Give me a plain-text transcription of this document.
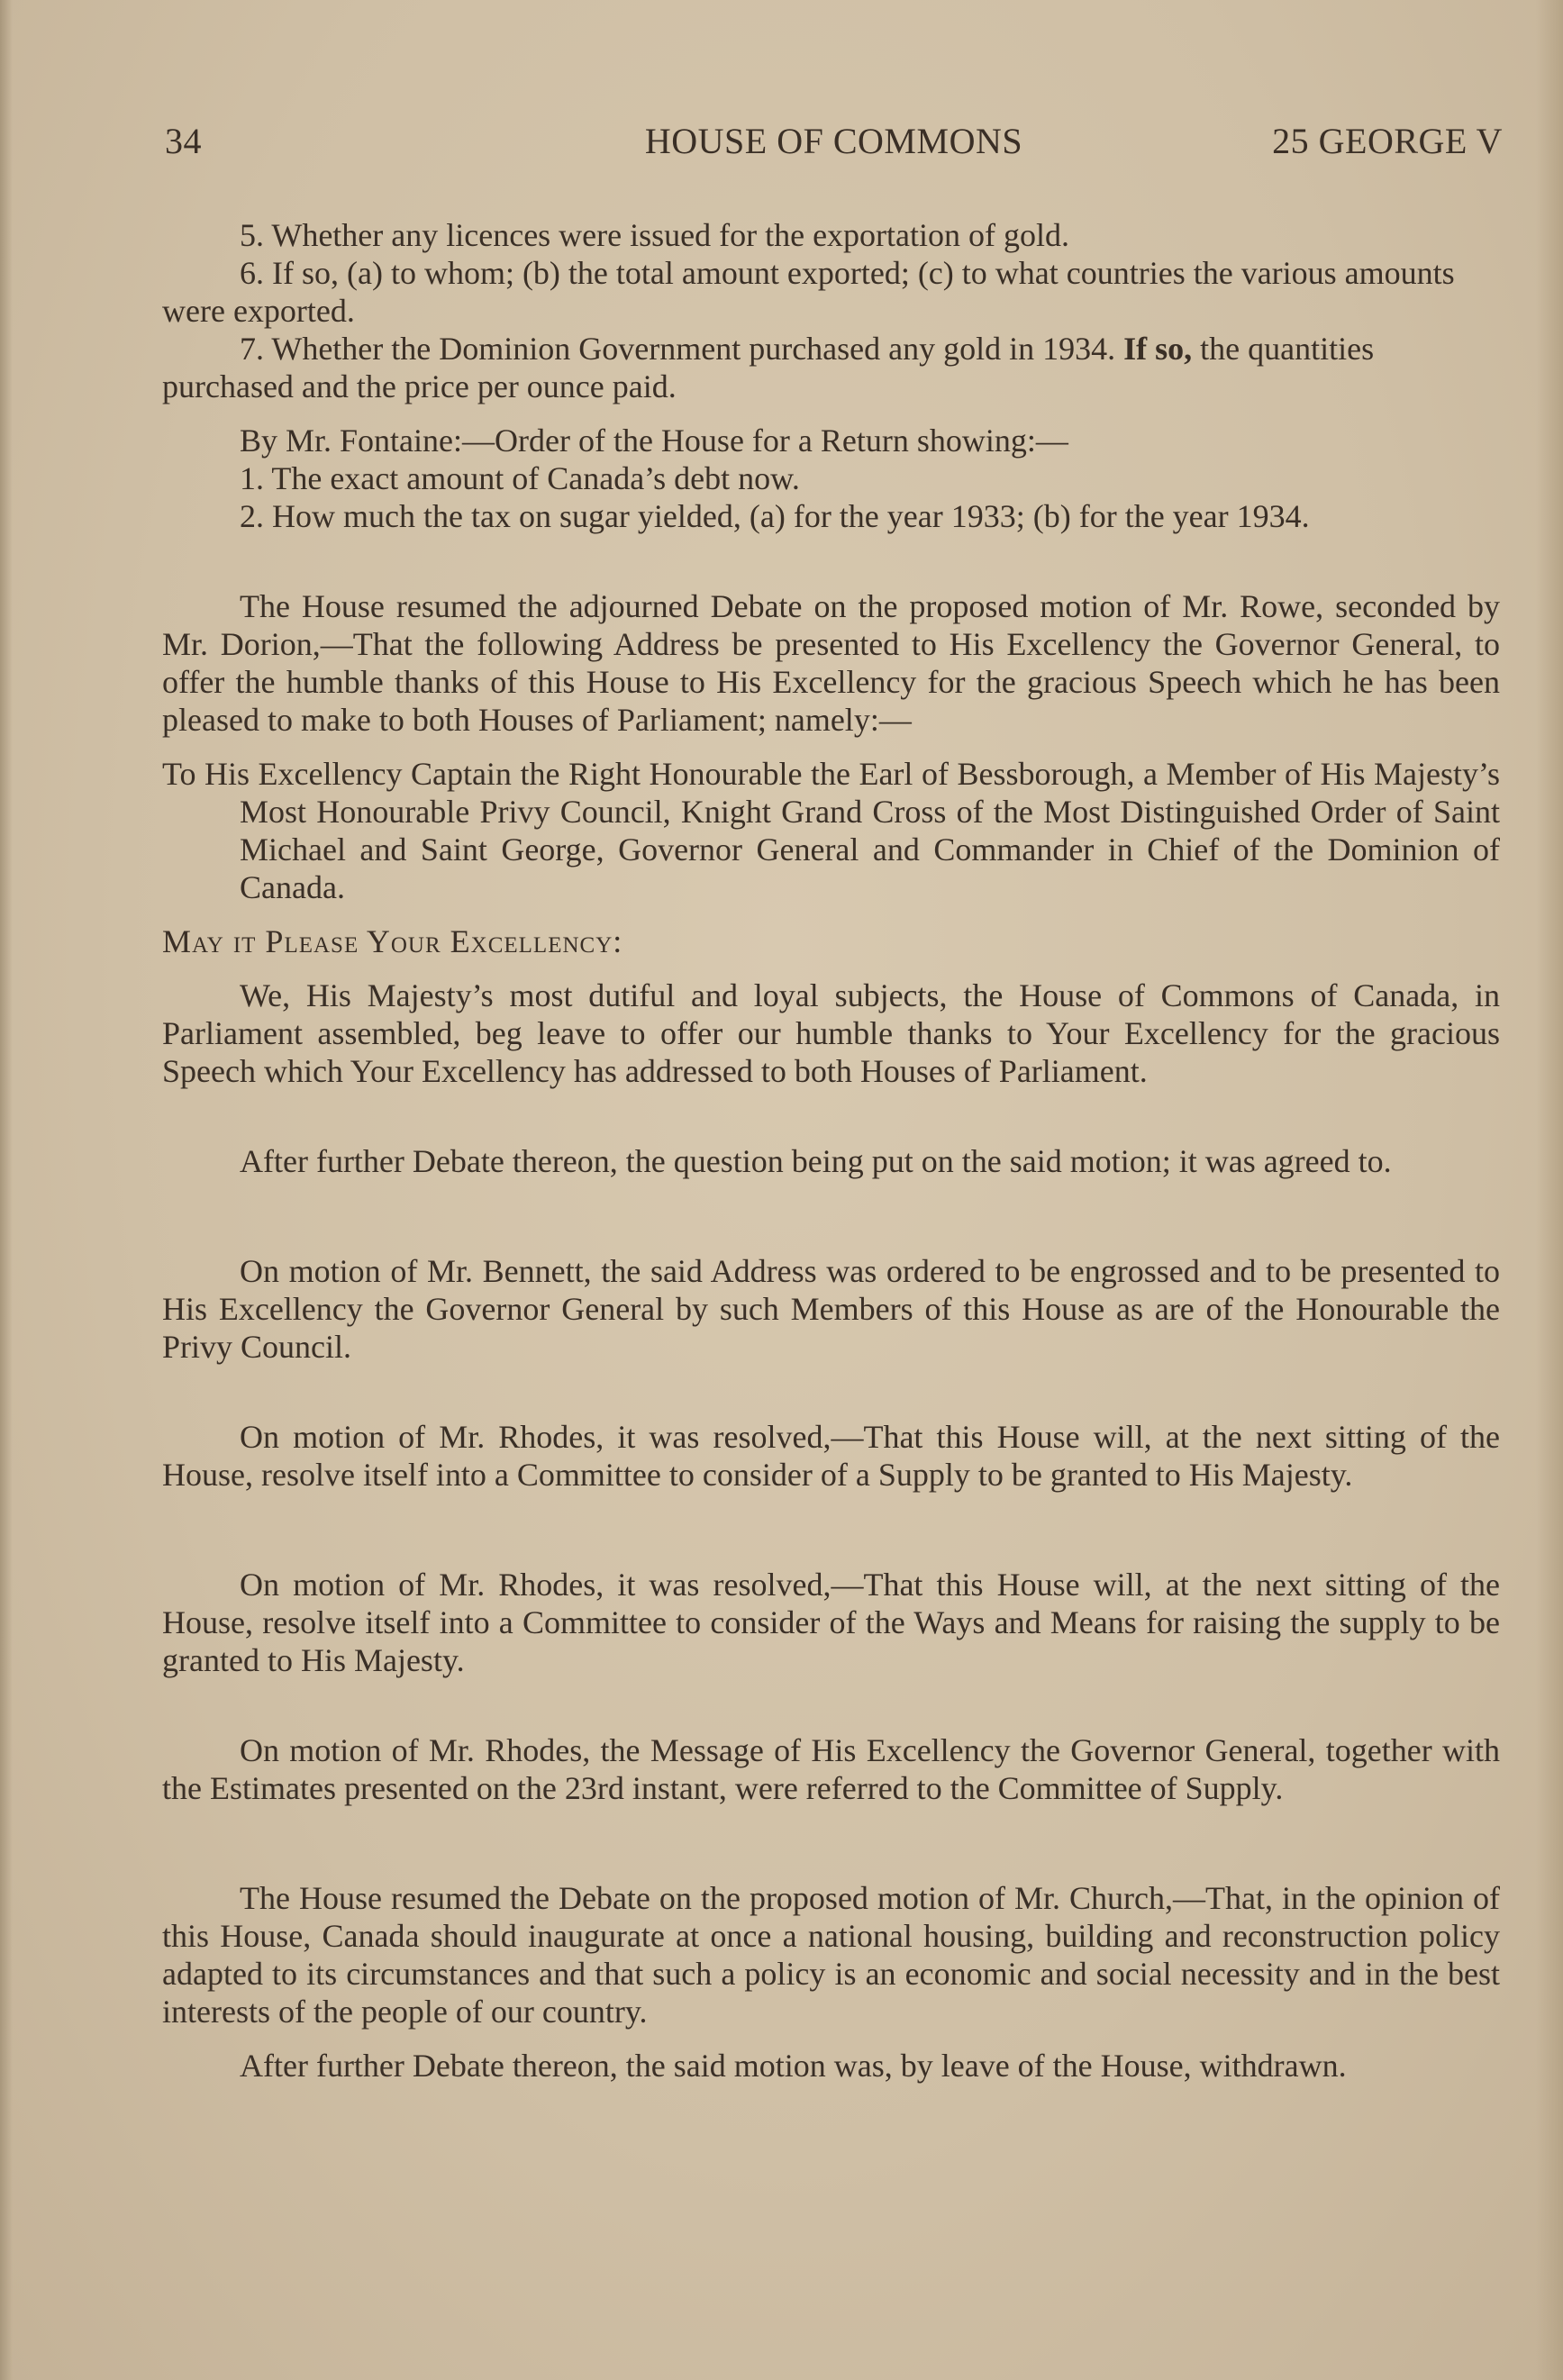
34	HOUSE OF COMMONS	25 GEORGE V

5. Whether any licences were issued for the exportation of gold.

6. If so, (a) to whom; (b) the total amount exported; (c) to what countries the various amounts were exported.

7. Whether the Dominion Government purchased any gold in 1934. If so, the quantities purchased and the price per ounce paid.

By Mr. Fontaine:—Order of the House for a Return showing:—

1. The exact amount of Canada’s debt now.

2. How much the tax on sugar yielded, (a) for the year 1933; (b) for the year 1934.

The House resumed the adjourned Debate on the proposed motion of Mr. Rowe, seconded by Mr. Dorion,—That the following Address be presented to His Excellency the Governor General, to offer the humble thanks of this House to His Excellency for the gracious Speech which he has been pleased to make to both Houses of Parliament; namely:—

To His Excellency Captain the Right Honourable the Earl of Bessborough, a Member of His Majesty’s Most Honourable Privy Council, Knight Grand Cross of the Most Distinguished Order of Saint Michael and Saint George, Governor General and Commander in Chief of the Dominion of Canada.

May it Please Your Excellency:

We, His Majesty’s most dutiful and loyal subjects, the House of Commons of Canada, in Parliament assembled, beg leave to offer our humble thanks to Your Excellency for the gracious Speech which Your Excellency has addressed to both Houses of Parliament.

After further Debate thereon, the question being put on the said motion; it was agreed to.

On motion of Mr. Bennett, the said Address was ordered to be engrossed and to be presented to His Excellency the Governor General by such Members of this House as are of the Honourable the Privy Council.

On motion of Mr. Rhodes, it was resolved,—That this House will, at the next sitting of the House, resolve itself into a Committee to consider of a Supply to be granted to His Majesty.

On motion of Mr. Rhodes, it was resolved,—That this House will, at the next sitting of the House, resolve itself into a Committee to consider of the Ways and Means for raising the supply to be granted to His Majesty.

On motion of Mr. Rhodes, the Message of His Excellency the Governor General, together with the Estimates presented on the 23rd instant, were referred to the Committee of Supply.

The House resumed the Debate on the proposed motion of Mr. Church,—That, in the opinion of this House, Canada should inaugurate at once a national housing, building and reconstruction policy adapted to its circumstances and that such a policy is an economic and social necessity and in the best interests of the people of our country.

After further Debate thereon, the said motion was, by leave of the House, withdrawn.
